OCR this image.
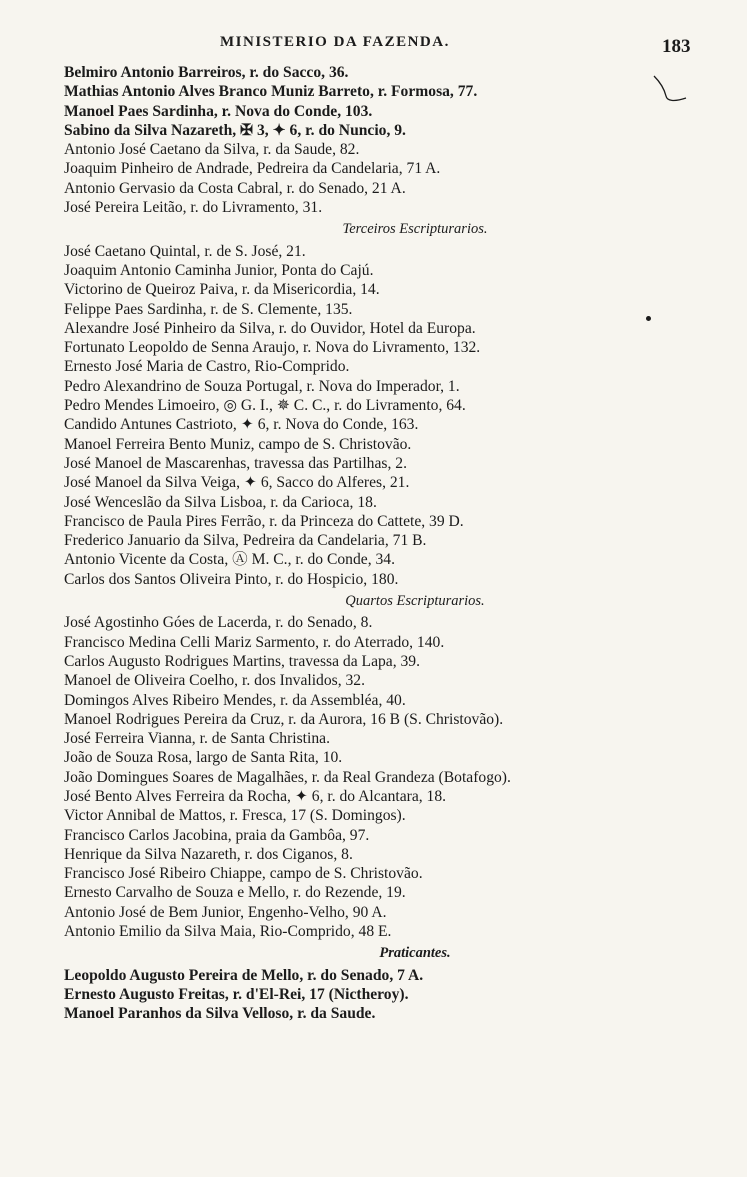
MINISTERIO DA FAZENDA.	183
Belmiro Antonio Barreiros, r. do Sacco, 36.
Mathias Antonio Alves Branco Muniz Barreto, r. Formosa, 77.
Manoel Paes Sardinha, r. Nova do Conde, 103.
Sabino da Silva Nazareth, ✠ 3, ✦ 6, r. do Nuncio, 9.
Antonio José Caetano da Silva, r. da Saude, 82.
Joaquim Pinheiro de Andrade, Pedreira da Candelaria, 71 A.
Antonio Gervasio da Costa Cabral, r. do Senado, 21 A.
José Pereira Leitão, r. do Livramento, 31.
Terceiros Escripturarios.
José Caetano Quintal, r. de S. José, 21.
Joaquim Antonio Caminha Junior, Ponta do Cajú.
Victorino de Queiroz Paiva, r. da Misericordia, 14.
Felippe Paes Sardinha, r. de S. Clemente, 135.
Alexandre José Pinheiro da Silva, r. do Ouvidor, Hotel da Europa.
Fortunato Leopoldo de Senna Araujo, r. Nova do Livramento, 132.
Ernesto José Maria de Castro, Rio-Comprido.
Pedro Alexandrino de Souza Portugal, r. Nova do Imperador, 1.
Pedro Mendes Limoeiro, ◎ G. I., ✵ C. C., r. do Livramento, 64.
Candido Antunes Castrioto, ✦ 6, r. Nova do Conde, 163.
Manoel Ferreira Bento Muniz, campo de S. Christovão.
José Manoel de Mascarenhas, travessa das Partilhas, 2.
José Manoel da Silva Veiga, ✦ 6, Sacco do Alferes, 21.
José Wenceslão da Silva Lisboa, r. da Carioca, 18.
Francisco de Paula Pires Ferrão, r. da Princeza do Cattete, 39 D.
Frederico Januario da Silva, Pedreira da Candelaria, 71 B.
Antonio Vicente da Costa, Ⓐ M. C., r. do Conde, 34.
Carlos dos Santos Oliveira Pinto, r. do Hospicio, 180.
Quartos Escripturarios.
José Agostinho Góes de Lacerda, r. do Senado, 8.
Francisco Medina Celli Mariz Sarmento, r. do Aterrado, 140.
Carlos Augusto Rodrigues Martins, travessa da Lapa, 39.
Manoel de Oliveira Coelho, r. dos Invalidos, 32.
Domingos Alves Ribeiro Mendes, r. da Assembléa, 40.
Manoel Rodrigues Pereira da Cruz, r. da Aurora, 16 B (S. Christovão).
José Ferreira Vianna, r. de Santa Christina.
João de Souza Rosa, largo de Santa Rita, 10.
João Domingues Soares de Magalhães, r. da Real Grandeza (Botafogo).
José Bento Alves Ferreira da Rocha, ✦ 6, r. do Alcantara, 18.
Victor Annibal de Mattos, r. Fresca, 17 (S. Domingos).
Francisco Carlos Jacobina, praia da Gambôa, 97.
Henrique da Silva Nazareth, r. dos Ciganos, 8.
Francisco José Ribeiro Chiappe, campo de S. Christovão.
Ernesto Carvalho de Souza e Mello, r. do Rezende, 19.
Antonio José de Bem Junior, Engenho-Velho, 90 A.
Antonio Emilio da Silva Maia, Rio-Comprido, 48 E.
Praticantes.
Leopoldo Augusto Pereira de Mello, r. do Senado, 7 A.
Ernesto Augusto Freitas, r. d'El-Rei, 17 (Nictheroy).
Manoel Paranhos da Silva Velloso, r. da Saude.
